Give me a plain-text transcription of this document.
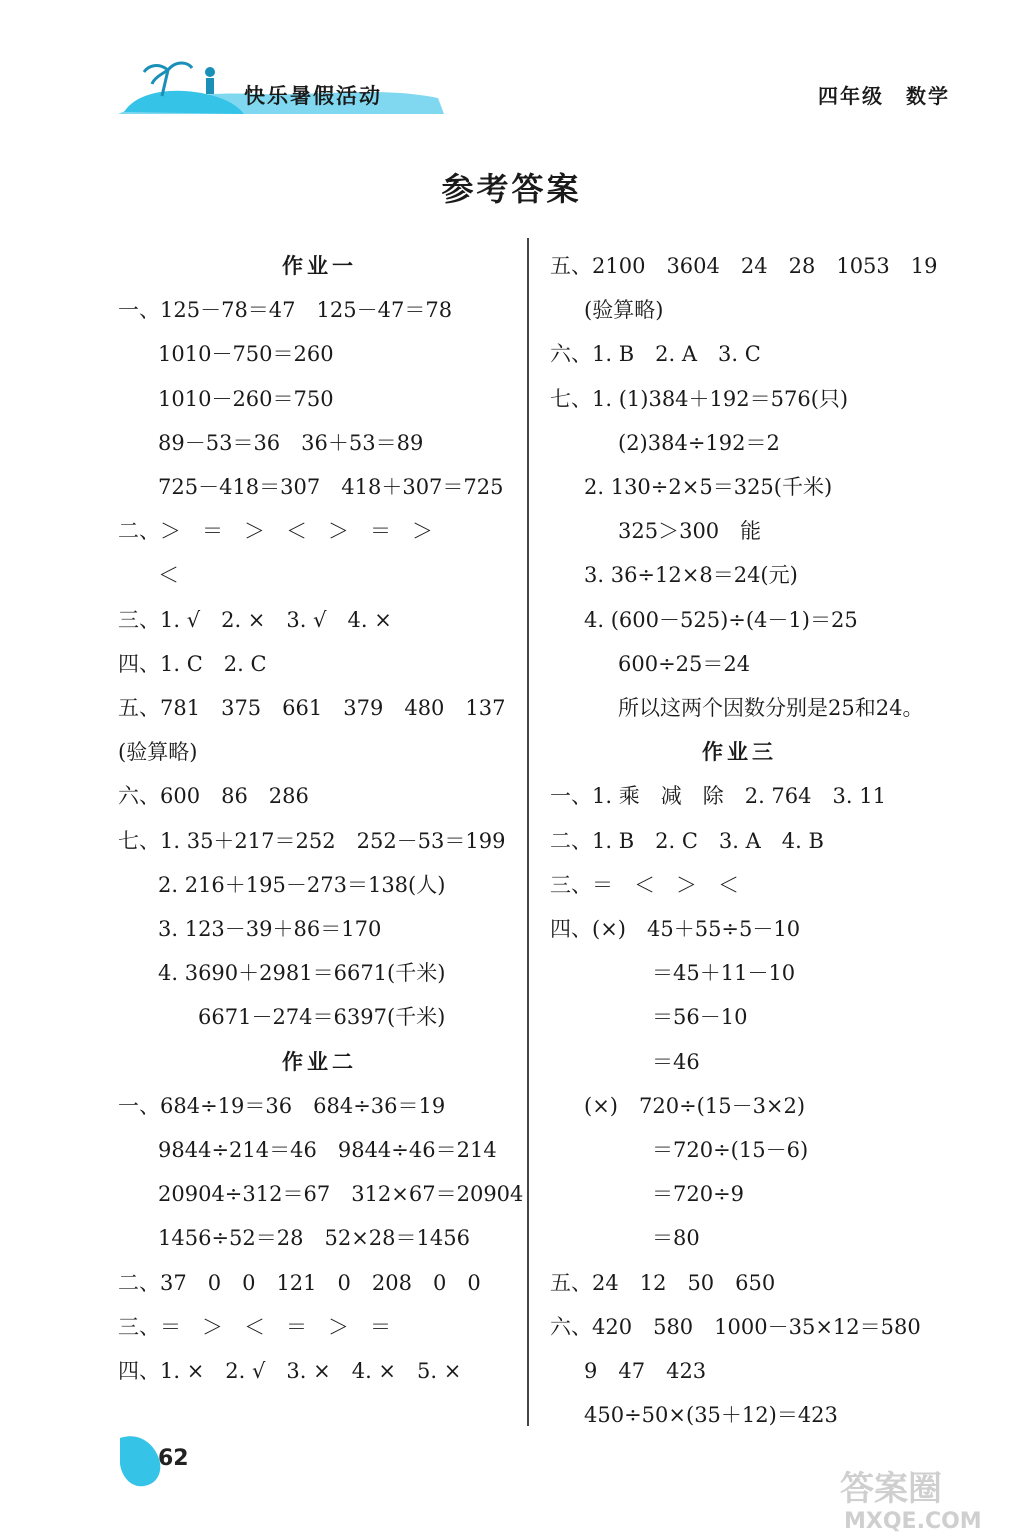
快乐暑假活动	四年级 数学
参考答案
作业一
一、125－78＝47　125－47＝78
1010－750＝260
1010－260＝750
89－53＝36　36＋53＝89
725－418＝307　418＋307＝725
二、＞　＝　＞　＜　＞　＝　＞
＜
三、1. √　2. ×　3. √　4. ×
四、1. C　2. C
五、781　375　661　379　480　137
(验算略)
六、600　86　286
七、1. 35＋217＝252　252－53＝199
2. 216＋195－273＝138(人)
3. 123－39＋86＝170
4. 3690＋2981＝6671(千米)
6671－274＝6397(千米)
作业二
一、684÷19＝36　684÷36＝19
9844÷214＝46　9844÷46＝214
20904÷312＝67　312×67＝20904
1456÷52＝28　52×28＝1456
二、37　0　0　121　0　208　0　0
三、＝　＞　＜　＝　＞　＝
四、1. ×　2. √　3. ×　4. ×　5. ×
五、2100　3604　24　28　1053　19
(验算略)
六、1. B　2. A　3. C
七、1. (1)384＋192＝576(只)
(2)384÷192＝2
2. 130÷2×5＝325(千米)
325＞300　能
3. 36÷12×8＝24(元)
4. (600－525)÷(4－1)＝25
600÷25＝24
所以这两个因数分别是25和24。
作业三
一、1. 乘　减　除　2. 764　3. 11
二、1. B　2. C　3. A　4. B
三、＝　＜　＞　＜
四、(×)　45＋55÷5－10
＝45＋11－10
＝56－10
＝46
(×)　720÷(15－3×2)
＝720÷(15－6)
＝720÷9
＝80
五、24　12　50　650
六、420　580　1000－35×12＝580
9　47　423
450÷50×(35＋12)＝423
62
答案圈
MXQE.COM
